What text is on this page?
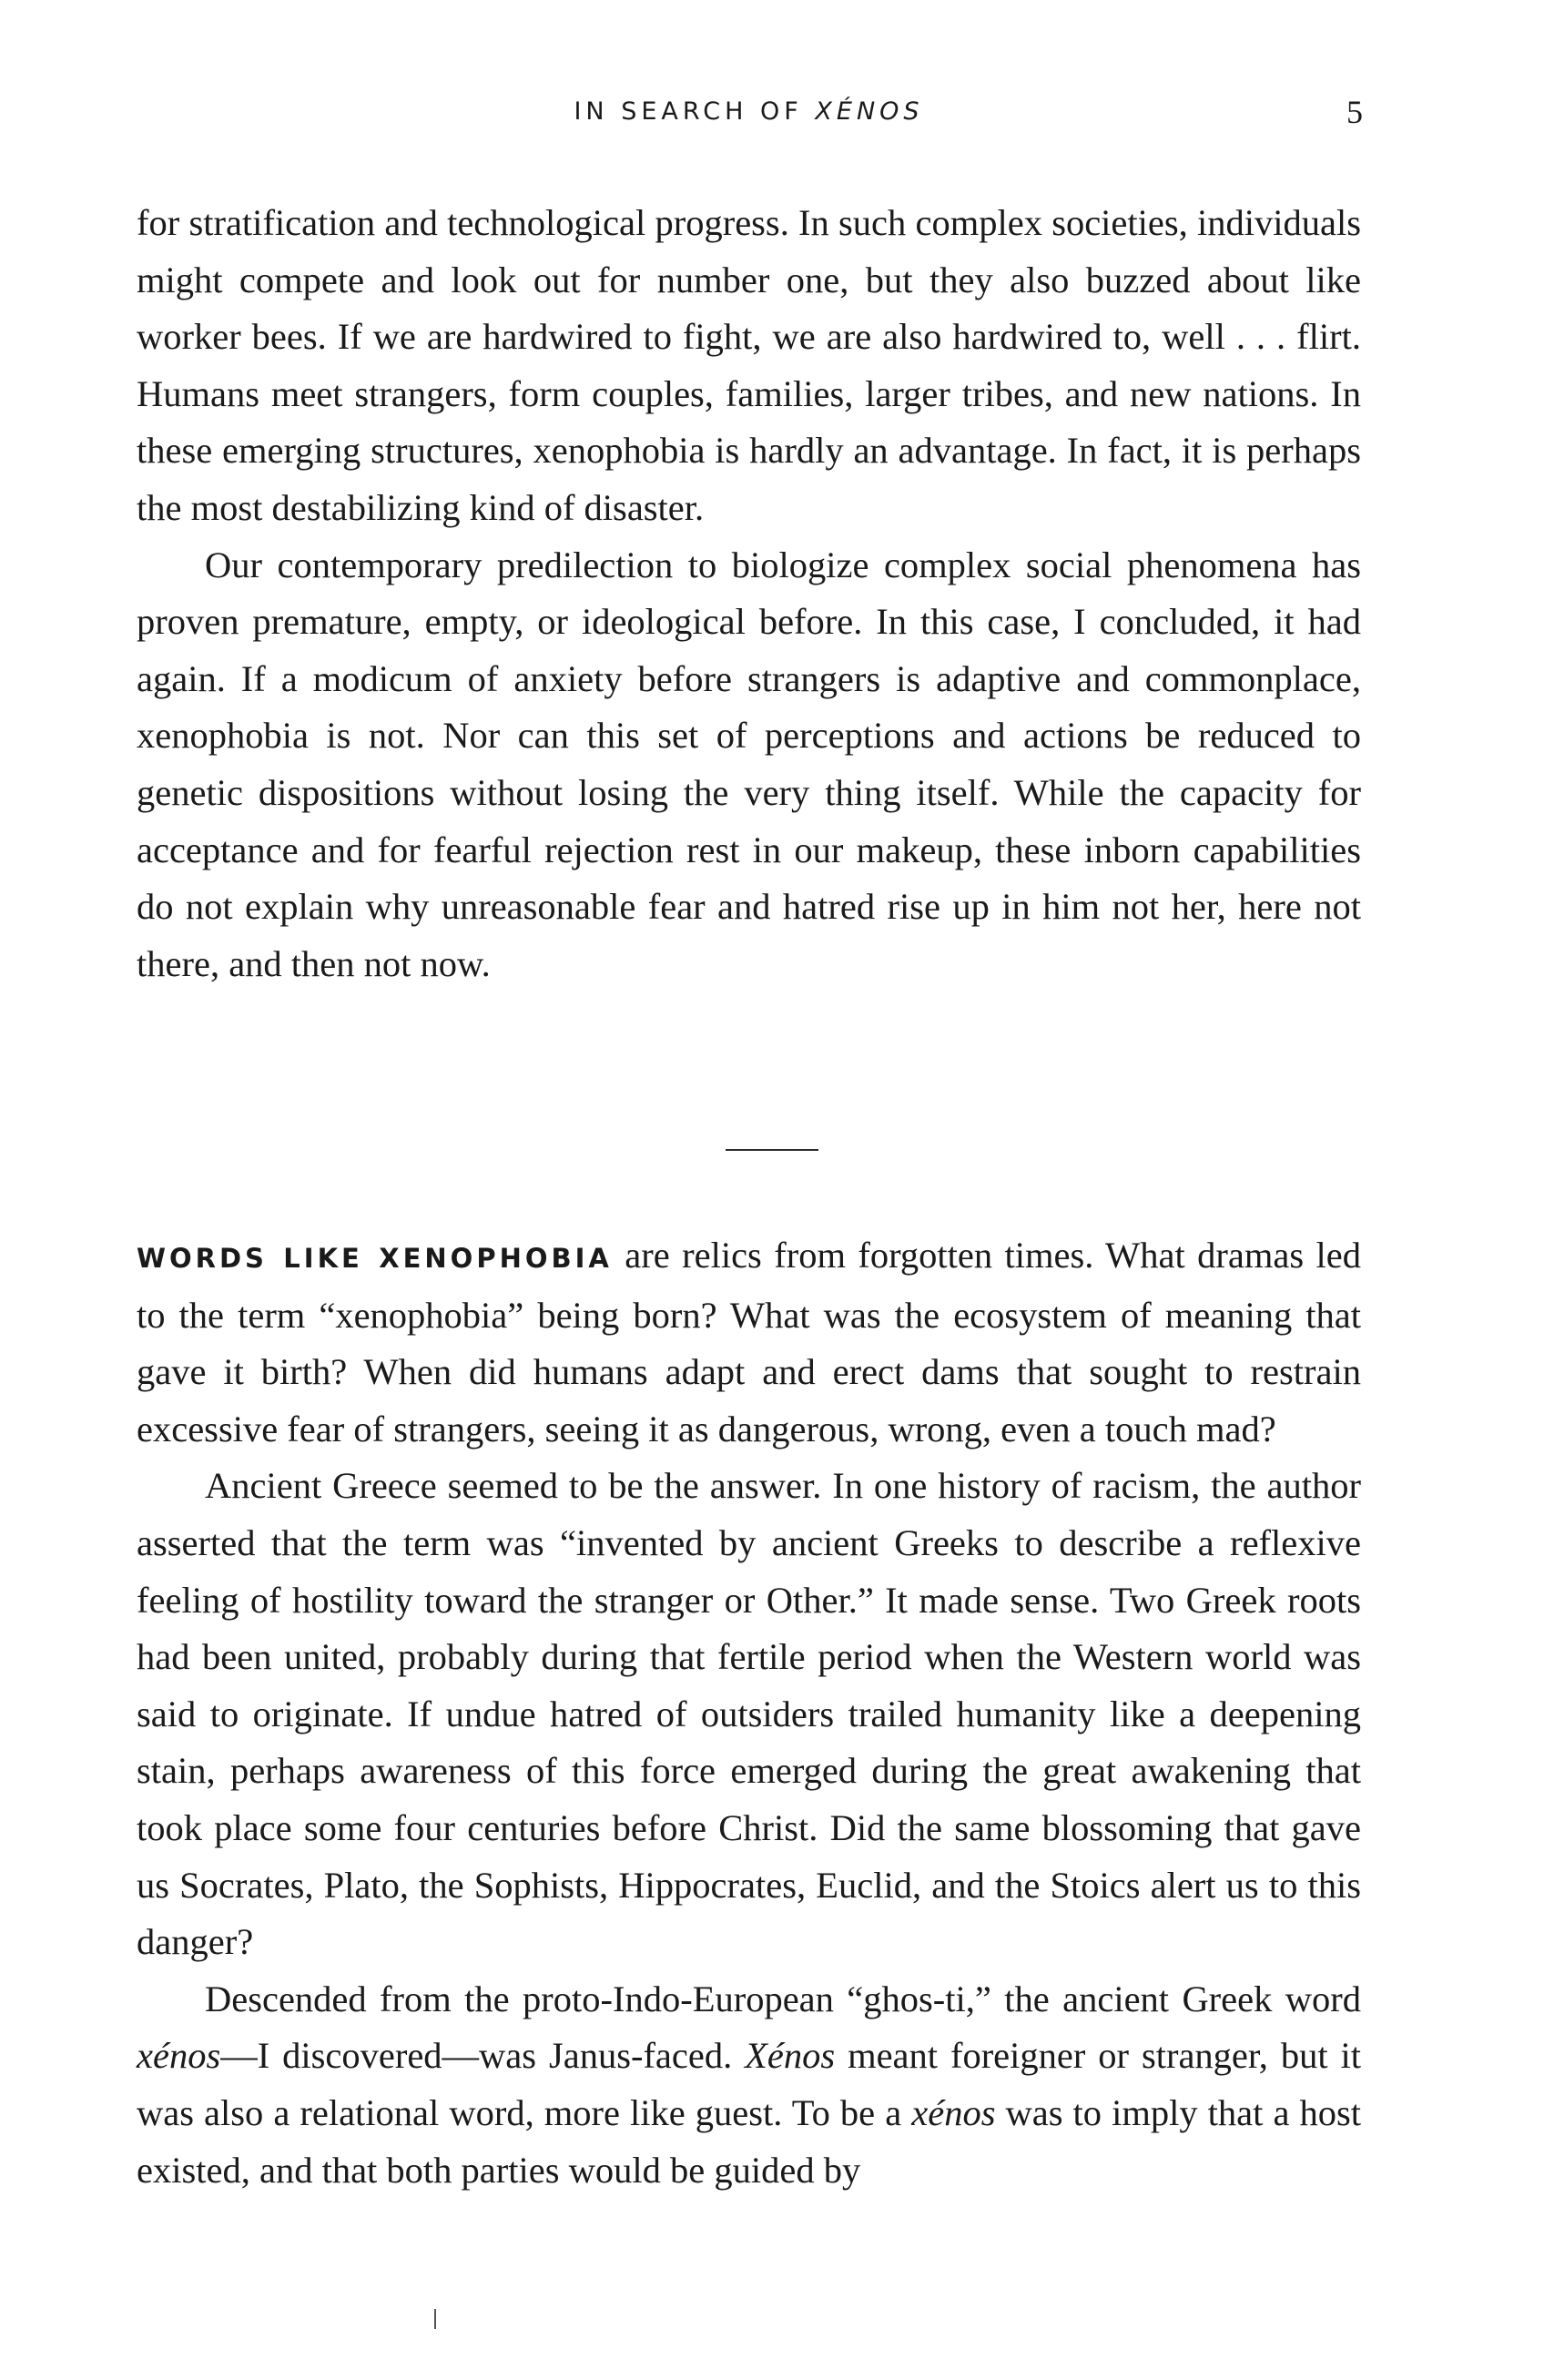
IN SEARCH OF XÉNOS	5

for stratification and technological progress. In such complex societies, individuals might compete and look out for number one, but they also buzzed about like worker bees. If we are hardwired to fight, we are also hardwired to, well . . . flirt. Humans meet strangers, form couples, families, larger tribes, and new nations. In these emerging structures, xenophobia is hardly an advantage. In fact, it is perhaps the most destabilizing kind of disaster.

Our contemporary predilection to biologize complex social phenomena has proven premature, empty, or ideological before. In this case, I concluded, it had again. If a modicum of anxiety before strangers is adaptive and commonplace, xenophobia is not. Nor can this set of perceptions and actions be reduced to genetic dispositions without losing the very thing itself. While the capacity for acceptance and for fearful rejection rest in our makeup, these inborn capabilities do not explain why unreasonable fear and hatred rise up in him not her, here not there, and then not now.

WORDS LIKE XENOPHOBIA are relics from forgotten times. What dramas led to the term “xenophobia” being born? What was the ecosystem of meaning that gave it birth? When did humans adapt and erect dams that sought to restrain excessive fear of strangers, seeing it as dangerous, wrong, even a touch mad?

Ancient Greece seemed to be the answer. In one history of racism, the author asserted that the term was “invented by ancient Greeks to describe a reflexive feeling of hostility toward the stranger or Other.” It made sense. Two Greek roots had been united, probably during that fertile period when the Western world was said to originate. If undue hatred of outsiders trailed humanity like a deepening stain, perhaps awareness of this force emerged during the great awakening that took place some four centuries before Christ. Did the same blossoming that gave us Socrates, Plato, the Sophists, Hippocrates, Euclid, and the Stoics alert us to this danger?

Descended from the proto-Indo-European “ghos-ti,” the ancient Greek word xénos—I discovered—was Janus-faced. Xénos meant foreigner or stranger, but it was also a relational word, more like guest. To be a xénos was to imply that a host existed, and that both parties would be guided by
